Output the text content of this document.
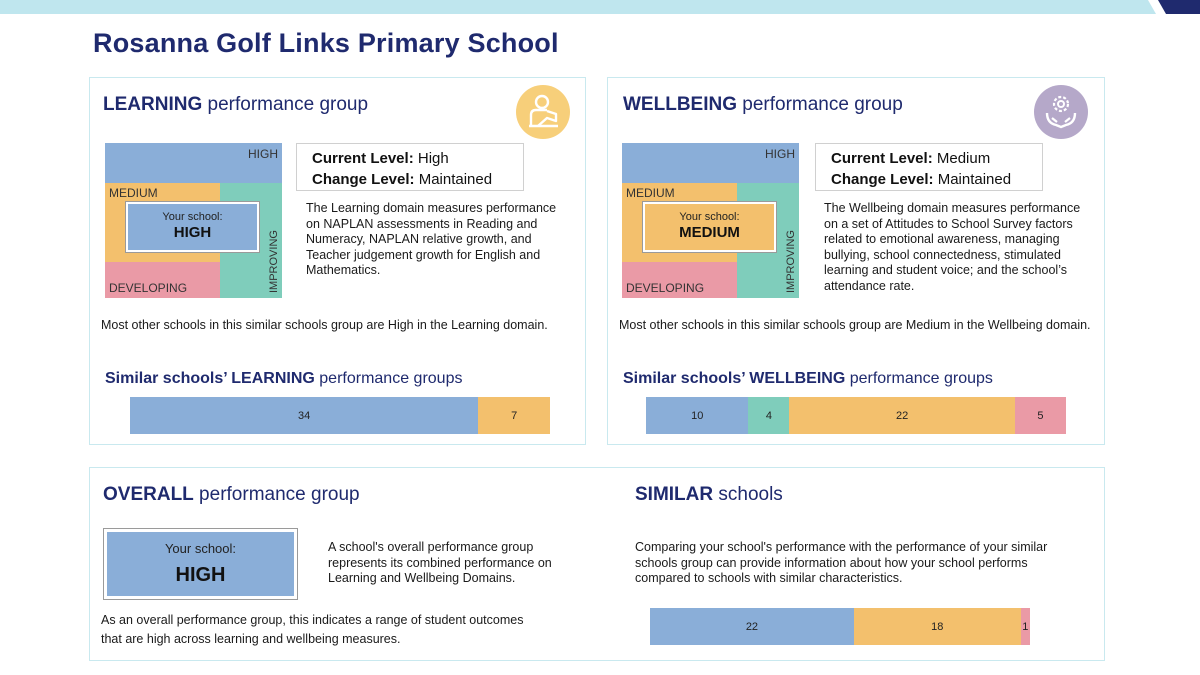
Rosanna Golf Links Primary School
LEARNING performance group
HIGH
MEDIUM
DEVELOPING	IMPROVING
Your school:
HIGH
Current Level: High
Change Level: Maintained

The Learning domain measures performance on NAPLAN assessments in Reading and Numeracy, NAPLAN relative growth, and Teacher judgement growth for English and Mathematics.

Most other schools in this similar schools group are High in the Learning domain.

Similar schools’ LEARNING performance groups
34	7
WELLBEING performance group
HIGH
MEDIUM
DEVELOPING	IMPROVING
Your school:
MEDIUM
Current Level: Medium
Change Level: Maintained

The Wellbeing domain measures performance on a set of Attitudes to School Survey factors related to emotional awareness, managing bullying, school connectedness, stimulated learning and student voice; and the school’s attendance rate.

Most other schools in this similar schools group are Medium in the Wellbeing domain.

Similar schools’ WELLBEING performance groups
10	4	22	5
OVERALL performance group
Your school:
HIGH

A school's overall performance group represents its combined performance on Learning and Wellbeing Domains.

As an overall performance group, this indicates a range of student outcomes that are high across learning and wellbeing measures.

SIMILAR schools

Comparing your school's performance with the performance of your similar schools group can provide information about how your school performs compared to schools with similar characteristics.

22	18	1
